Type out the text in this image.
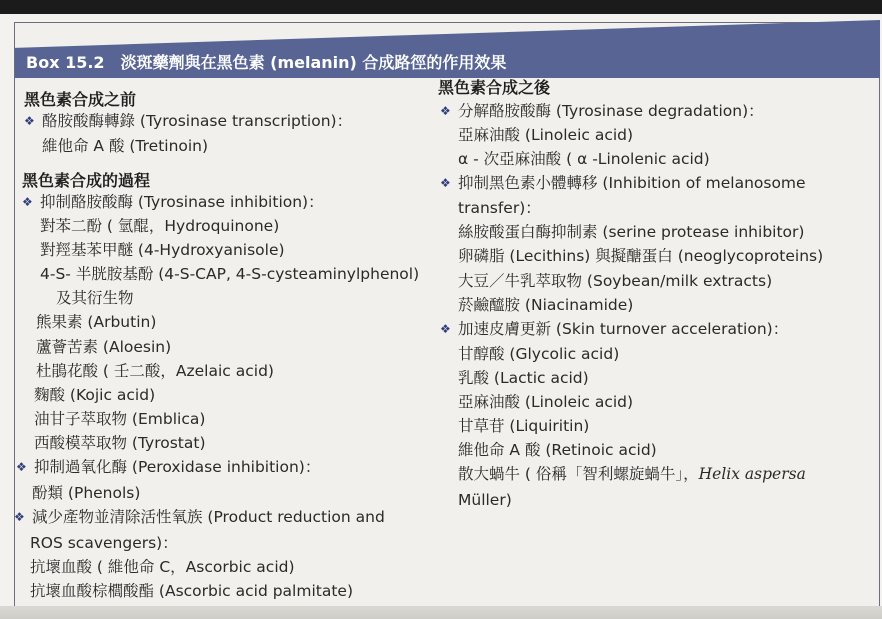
Box 15.2 淡斑藥劑與在黑色素 (melanin) 合成路徑的作用效果
黑色素合成之前
❖ 酪胺酸酶轉錄 (Tyrosinase transcription)：
維他命 A 酸 (Tretinoin)
黑色素合成的過程
❖ 抑制酪胺酸酶 (Tyrosinase inhibition)：
對苯二酚 ( 氫醌，Hydroquinone)
對羥基苯甲醚 (4-Hydroxyanisole)
4-S- 半胱胺基酚 (4-S-CAP, 4-S-cysteaminylphenol)
及其衍生物
熊果素 (Arbutin)
蘆薈苦素 (Aloesin)
杜鵑花酸 ( 壬二酸，Azelaic acid)
麴酸 (Kojic acid)
油甘子萃取物 (Emblica)
西酸模萃取物 (Tyrostat)
❖ 抑制過氧化酶 (Peroxidase inhibition)：
酚類 (Phenols)
❖ 減少產物並清除活性氧族 (Product reduction and
ROS scavengers)：
抗壞血酸 ( 維他命 C，Ascorbic acid)
抗壞血酸棕櫚酸酯 (Ascorbic acid palmitate)
黑色素合成之後
❖ 分解酪胺酸酶 (Tyrosinase degradation)：
亞麻油酸 (Linoleic acid)
α - 次亞麻油酸 ( α -Linolenic acid)
❖ 抑制黑色素小體轉移 (Inhibition of melanosome
transfer)：
絲胺酸蛋白酶抑制素 (serine protease inhibitor)
卵磷脂 (Lecithins) 與擬醣蛋白 (neoglycoproteins)
大豆／牛乳萃取物 (Soybean/milk extracts)
菸鹼醯胺 (Niacinamide)
❖ 加速皮膚更新 (Skin turnover acceleration)：
甘醇酸 (Glycolic acid)
乳酸 (Lactic acid)
亞麻油酸 (Linoleic acid)
甘草苷 (Liquiritin)
維他命 A 酸 (Retinoic acid)
散大蝸牛 ( 俗稱「智利螺旋蝸牛」，Helix aspersa
Müller)
